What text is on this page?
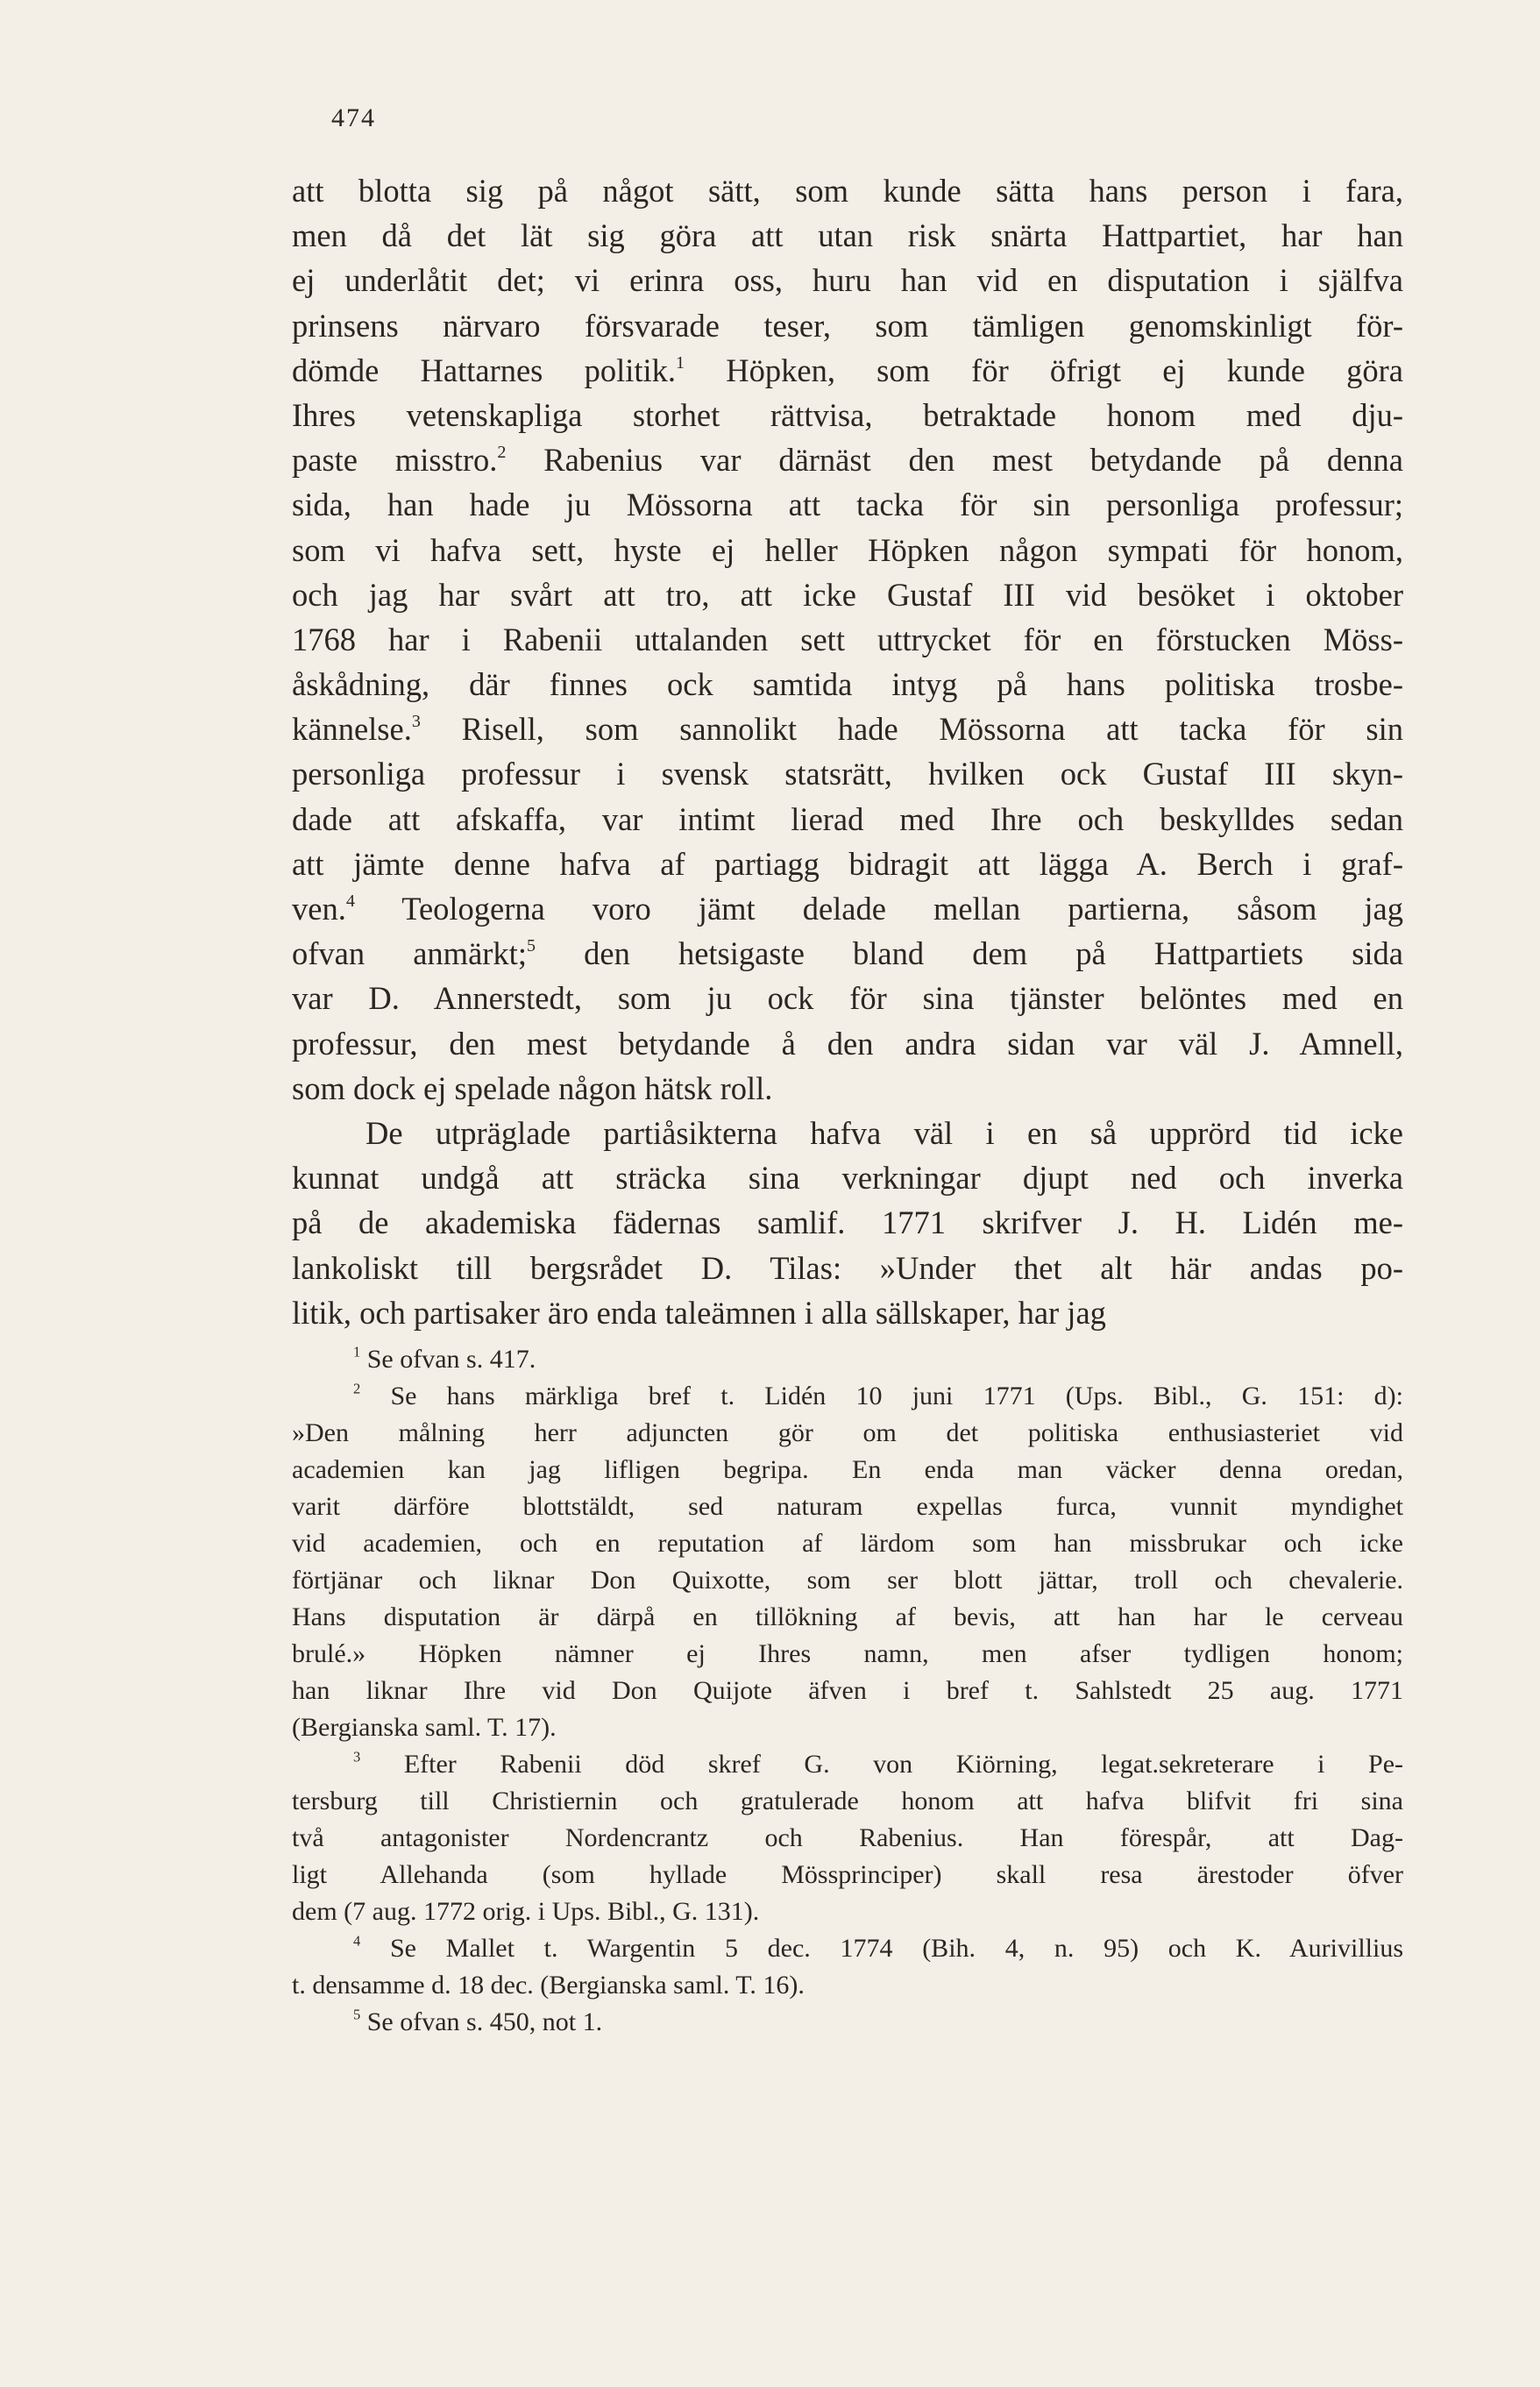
474
att blotta sig på något sätt, som kunde sätta hans person i fara,
men då det lät sig göra att utan risk snärta Hattpartiet, har han
ej underlåtit det; vi erinra oss, huru han vid en disputation i själfva
prinsens närvaro försvarade teser, som tämligen genomskinligt för-
dömde Hattarnes politik.$^1$ Höpken, som för öfrigt ej kunde göra
Ihres vetenskapliga storhet rättvisa, betraktade honom med dju-
paste misstro.$^2$ Rabenius var därnäst den mest betydande på denna
sida, han hade ju Mössorna att tacka för sin personliga professur;
som vi hafva sett, hyste ej heller Höpken någon sympati för honom,
och jag har svårt att tro, att icke Gustaf III vid besöket i oktober
1768 har i Rabenii uttalanden sett uttrycket för en förstucken Möss-
åskådning, där finnes ock samtida intyg på hans politiska trosbe-
kännelse.$^3$ Risell, som sannolikt hade Mössorna att tacka för sin
personliga professur i svensk statsrätt, hvilken ock Gustaf III skyn-
dade att afskaffa, var intimt lierad med Ihre och beskylldes sedan
att jämte denne hafva af partiagg bidragit att lägga A. Berch i graf-
ven.$^4$ Teologerna voro jämt delade mellan partierna, såsom jag
ofvan anmärkt;$^5$ den hetsigaste bland dem på Hattpartiets sida
var D. Annerstedt, som ju ock för sina tjänster belöntes med en
professur, den mest betydande å den andra sidan var väl J. Amnell,
som dock ej spelade någon hätsk roll.
De utpräglade partiåsikterna hafva väl i en så upprörd tid icke
kunnat undgå att sträcka sina verkningar djupt ned och inverka
på de akademiska fädernas samlif. 1771 skrifver J. H. Lidén me-
lankoliskt till bergsrådet D. Tilas: »Under thet alt här andas po-
litik, och partisaker äro enda taleämnen i alla sällskaper, har jag
$^1$ Se ofvan s. 417.
$^2$ Se hans märkliga bref t. Lidén 10 juni 1771 (Ups. Bibl., G. 151: d):
»Den målning herr adjuncten gör om det politiska enthusiasteriet vid
academien kan jag lifligen begripa. En enda man väcker denna oredan,
varit därföre blottstäldt, sed naturam expellas furca, vunnit myndighet
vid academien, och en reputation af lärdom som han missbrukar och icke
förtjänar och liknar Don Quixotte, som ser blott jättar, troll och chevalerie.
Hans disputation är därpå en tillökning af bevis, att han har le cerveau
brulé.» Höpken nämner ej Ihres namn, men afser tydligen honom;
han liknar Ihre vid Don Quijote äfven i bref t. Sahlstedt 25 aug. 1771
(Bergianska saml. T. 17).
$^3$ Efter Rabenii död skref G. von Kiörning, legat.sekreterare i Pe-
tersburg till Christiernin och gratulerade honom att hafva blifvit fri sina
två antagonister Nordencrantz och Rabenius. Han förespår, att Dag-
ligt Allehanda (som hyllade Mössprinciper) skall resa ärestoder öfver
dem (7 aug. 1772 orig. i Ups. Bibl., G. 131).
$^4$ Se Mallet t. Wargentin 5 dec. 1774 (Bih. 4, n. 95) och K. Aurivillius
t. densamme d. 18 dec. (Bergianska saml. T. 16).
$^5$ Se ofvan s. 450, not 1.
